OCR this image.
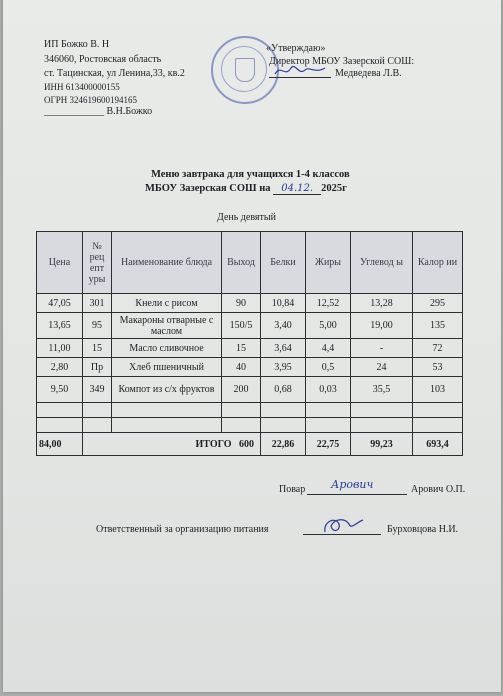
ИП Божко В. Н
346060, Ростовская область
ст. Тацинская, ул Ленина,33, кв.2
ИНН 613400000155
ОГРН 324619600194165
____________ В.Н.Божко
«Утверждаю»
Директор МБОУ Зазерской СОШ:
Медведева Л.В.
Меню завтрака для учащихся 1-4 классов
МБОУ Зазерская СОШ на 04.12. 2025г
День девятый
Цена	№ рец епт уры	Наименование блюда	Выход	Белки	Жиры	Углевод ы	Калор ии
47,05	301	Кнели с рисом	90	10,84	12,52	13,28	295
13,65	95	Макароны отварные с маслом	150/5	3,40	5,00	19,00	135
11,00	15	Масло сливочное	15	3,64	4,4	-	72
2,80	Пр	Хлеб пшеничный	40	3,95	0,5	24	53
9,50	349	Компот из с/х фруктов	200	0,68	0,03	35,5	103

84,00	ИТОГО 600			22,86	22,75	99,23	693,4
Повар Арович	Арович О.П.
Ответственный за организацию питания	Бурховцова Н.И.
